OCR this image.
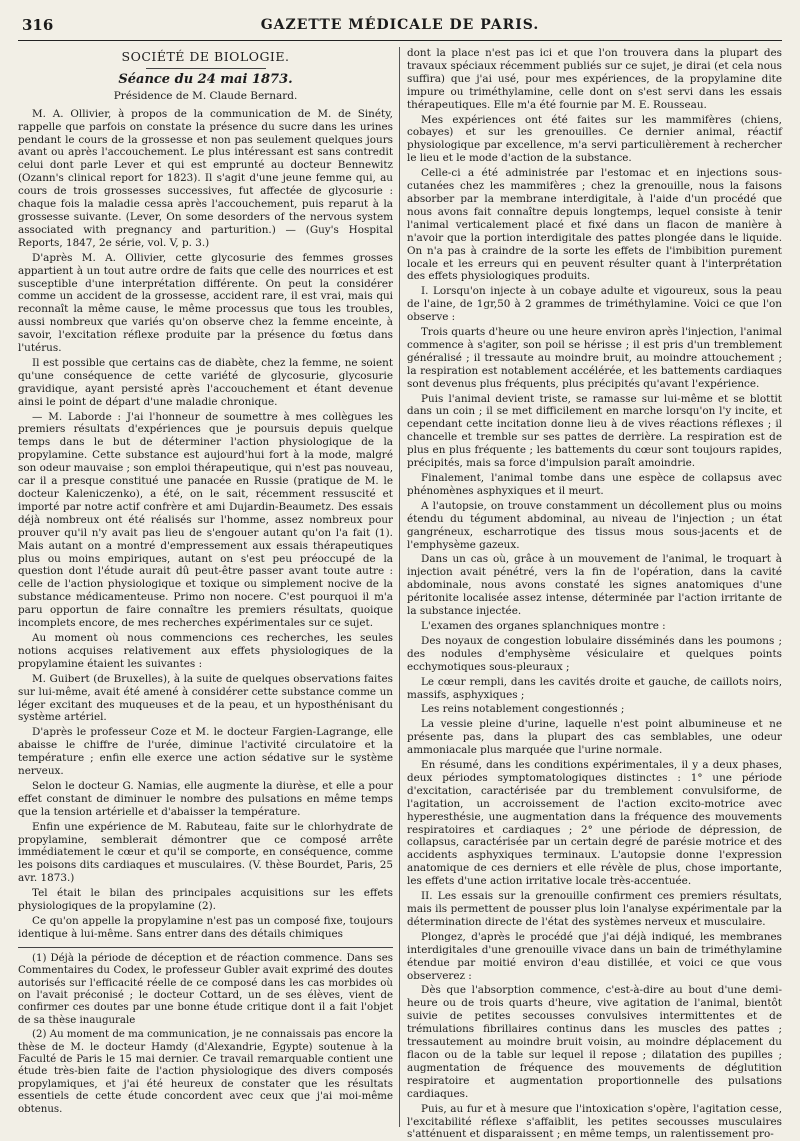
316	GAZETTE MÉDICALE DE PARIS.

SOCIÉTÉ DE BIOLOGIE.

Séance du 24 mai 1873.

Présidence de M. Claude Bernard.

M. A. Ollivier, à propos de la communication de M. de Sinéty, rappelle que parfois on constate la présence du sucre dans les urines pendant le cours de la grossesse et non pas seulement quelques jours avant ou après l'accouchement. Le plus intéressant est sans contredit celui dont parle Lever et qui est emprunté au docteur Bennewitz (Ozann's clinical report for 1823). Il s'agit d'une jeune femme qui, au cours de trois grossesses successives, fut affectée de glycosurie : chaque fois la maladie cessa après l'accouchement, puis reparut à la grossesse suivante. (Lever, On some desorders of the nervous system associated with pregnancy and parturition.) — (Guy's Hospital Reports, 1847, 2e série, vol. V, p. 3.)

D'après M. A. Ollivier, cette glycosurie des femmes grosses appartient à un tout autre ordre de faits que celle des nourrices et est susceptible d'une interprétation différente. On peut la considérer comme un accident de la grossesse, accident rare, il est vrai, mais qui reconnaît la même cause, le même processus que tous les troubles, aussi nombreux que variés qu'on observe chez la femme enceinte, à savoir, l'excitation réflexe produite par la présence du fœtus dans l'utérus.

Il est possible que certains cas de diabète, chez la femme, ne soient qu'une conséquence de cette variété de glycosurie, glycosurie gravidique, ayant persisté après l'accouchement et étant devenue ainsi le point de départ d'une maladie chronique.

— M. Laborde : J'ai l'honneur de soumettre à mes collègues les premiers résultats d'expériences que je poursuis depuis quelque temps dans le but de déterminer l'action physiologique de la propylamine. Cette substance est aujourd'hui fort à la mode, malgré son odeur mauvaise ; son emploi thérapeutique, qui n'est pas nouveau, car il a presque constitué une panacée en Russie (pratique de M. le docteur Kaleniczenko), a été, on le sait, récemment ressuscité et importé par notre actif confrère et ami Dujardin-Beaumetz. Des essais déjà nombreux ont été réalisés sur l'homme, assez nombreux pour prouver qu'il n'y avait pas lieu de s'engouer autant qu'on l'a fait (1). Mais autant on a montré d'empressement aux essais thérapeutiques plus ou moins empiriques, autant on s'est peu préoccupé de la question dont l'étude aurait dû peut-être passer avant toute autre : celle de l'action physiologique et toxique ou simplement nocive de la substance médicamenteuse. Primo non nocere. C'est pourquoi il m'a paru opportun de faire connaître les premiers résultats, quoique incomplets encore, de mes recherches expérimentales sur ce sujet.

Au moment où nous commencions ces recherches, les seules notions acquises relativement aux effets physiologiques de la propylamine étaient les suivantes :

M. Guibert (de Bruxelles), à la suite de quelques observations faites sur lui-même, avait été amené à considérer cette substance comme un léger excitant des muqueuses et de la peau, et un hyposthénisant du système artériel.

D'après le professeur Coze et M. le docteur Fargien-Lagrange, elle abaisse le chiffre de l'urée, diminue l'activité circulatoire et la température ; enfin elle exerce une action sédative sur le système nerveux.

Selon le docteur G. Namias, elle augmente la diurèse, et elle a pour effet constant de diminuer le nombre des pulsations en même temps que la tension artérielle et d'abaisser la température.

Enfin une expérience de M. Rabuteau, faite sur le chlorhydrate de propylamine, semblerait démontrer que ce composé arrête immédiatement le cœur et qu'il se comporte, en conséquence, comme les poisons dits cardiaques et musculaires. (V. thèse Bourdet, Paris, 25 avr. 1873.)

Tel était le bilan des principales acquisitions sur les effets physiologiques de la propylamine (2).

Ce qu'on appelle la propylamine n'est pas un composé fixe, toujours identique à lui-même. Sans entrer dans des détails chimiques

(1) Déjà la période de déception et de réaction commence. Dans ses Commentaires du Codex, le professeur Gubler avait exprimé des doutes autorisés sur l'efficacité réelle de ce composé dans les cas morbides où on l'avait préconisé ; le docteur Cottard, un de ses élèves, vient de confirmer ces doutes par une bonne étude critique dont il a fait l'objet de sa thèse inaugurale

(2) Au moment de ma communication, je ne connaissais pas encore la thèse de M. le docteur Hamdy (d'Alexandrie, Egypte) soutenue à la Faculté de Paris le 15 mai dernier. Ce travail remarquable contient une étude très-bien faite de l'action physiologique des divers composés propylamiques, et j'ai été heureux de constater que les résultats essentiels de cette étude concordent avec ceux que j'ai moi-même obtenus.

dont la place n'est pas ici et que l'on trouvera dans la plupart des travaux spéciaux récemment publiés sur ce sujet, je dirai (et cela nous suffira) que j'ai usé, pour mes expériences, de la propylamine dite impure ou triméthylamine, celle dont on s'est servi dans les essais thérapeutiques. Elle m'a été fournie par M. E. Rousseau.

Mes expériences ont été faites sur les mammifères (chiens, cobayes) et sur les grenouilles. Ce dernier animal, réactif physiologique par excellence, m'a servi particulièrement à rechercher le lieu et le mode d'action de la substance.

Celle-ci a été administrée par l'estomac et en injections sous-cutanées chez les mammifères ; chez la grenouille, nous la faisons absorber par la membrane interdigitale, à l'aide d'un procédé que nous avons fait connaître depuis longtemps, lequel consiste à tenir l'animal verticalement placé et fixé dans un flacon de manière à n'avoir que la portion interdigitale des pattes plongée dans le liquide. On n'a pas à craindre de la sorte les effets de l'imbibition purement locale et les erreurs qui en peuvent résulter quant à l'interprétation des effets physiologiques produits.

I. Lorsqu'on injecte à un cobaye adulte et vigoureux, sous la peau de l'aine, de 1gr,50 à 2 grammes de triméthylamine. Voici ce que l'on observe :

Trois quarts d'heure ou une heure environ après l'injection, l'animal commence à s'agiter, son poil se hérisse ; il est pris d'un tremblement généralisé ; il tressaute au moindre bruit, au moindre attouchement ; la respiration est notablement accélérée, et les battements cardiaques sont devenus plus fréquents, plus précipités qu'avant l'expérience.

Puis l'animal devient triste, se ramasse sur lui-même et se blottit dans un coin ; il se met difficilement en marche lorsqu'on l'y incite, et cependant cette incitation donne lieu à de vives réactions réflexes ; il chancelle et tremble sur ses pattes de derrière. La respiration est de plus en plus fréquente ; les battements du cœur sont toujours rapides, précipités, mais sa force d'impulsion paraît amoindrie.

Finalement, l'animal tombe dans une espèce de collapsus avec phénomènes asphyxiques et il meurt.

A l'autopsie, on trouve constamment un décollement plus ou moins étendu du tégument abdominal, au niveau de l'injection ; un état gangréneux, escharrotique des tissus mous sous-jacents et de l'emphysème gazeux.

Dans un cas où, grâce à un mouvement de l'animal, le troquart à injection avait pénétré, vers la fin de l'opération, dans la cavité abdominale, nous avons constaté les signes anatomiques d'une péritonite localisée assez intense, déterminée par l'action irritante de la substance injectée.

L'examen des organes splanchniques montre :

Des noyaux de congestion lobulaire disséminés dans les poumons ; des nodules d'emphysème vésiculaire et quelques points ecchymotiques sous-pleuraux ;

Le cœur rempli, dans les cavités droite et gauche, de caillots noirs, massifs, asphyxiques ;

Les reins notablement congestionnés ;

La vessie pleine d'urine, laquelle n'est point albumineuse et ne présente pas, dans la plupart des cas semblables, une odeur ammoniacale plus marquée que l'urine normale.

En résumé, dans les conditions expérimentales, il y a deux phases, deux périodes symptomatologiques distinctes : 1° une période d'excitation, caractérisée par du tremblement convulsiforme, de l'agitation, un accroissement de l'action excito-motrice avec hyperesthésie, une augmentation dans la fréquence des mouvements respiratoires et cardiaques ; 2° une période de dépression, de collapsus, caractérisée par un certain degré de parésie motrice et des accidents asphyxiques terminaux. L'autopsie donne l'expression anatomique de ces derniers et elle révèle de plus, chose importante, les effets d'une action irritative locale très-accentuée.

II. Les essais sur la grenouille confirment ces premiers résultats, mais ils permettent de pousser plus loin l'analyse expérimentale par la détermination directe de l'état des systèmes nerveux et musculaire.

Plongez, d'après le procédé que j'ai déjà indiqué, les membranes interdigitales d'une grenouille vivace dans un bain de triméthylamine étendue par moitié environ d'eau distillée, et voici ce que vous observerez :

Dès que l'absorption commence, c'est-à-dire au bout d'une demi-heure ou de trois quarts d'heure, vive agitation de l'animal, bientôt suivie de petites secousses convulsives intermittentes et de trémulations fibrillaires continus dans les muscles des pattes ; tressautement au moindre bruit voisin, au moindre déplacement du flacon ou de la table sur lequel il repose ; dilatation des pupilles ; augmentation de fréquence des mouvements de déglutition respiratoire et augmentation proportionnelle des pulsations cardiaques.

Puis, au fur et à mesure que l'intoxication s'opère, l'agitation cesse, l'excitabilité réflexe s'affaiblit, les petites secousses musculaires s'atténuent et disparaissent ; en même temps, un ralentissement pro-
